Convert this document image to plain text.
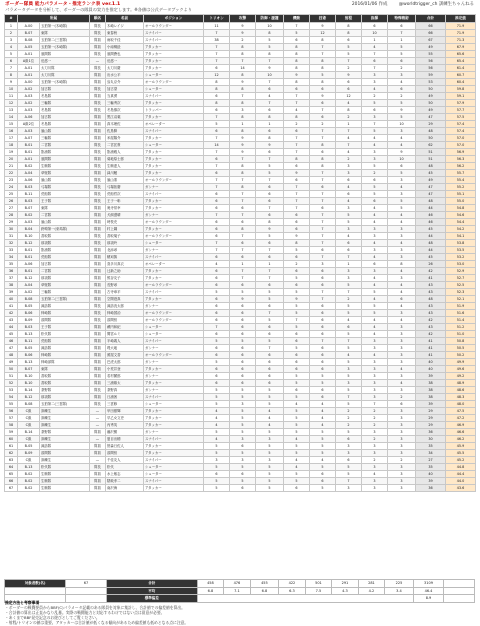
ボーダー隊員 能力パラメータ・推定ランク表 ver.1.1
パラメータデータを分析して、ボーダーの隊員の実力を推定します。※各値は公式データブックより
2016/01/06 作成	@worldtrigger_ch 訓練生ちゃんねる
#	所属		順名	名前	ポジション	トリオン	攻撃	防御・援護	機動	技術	射程	指揮	特殊戦術	合計	推定値
1	A-00	玉狛第一(木崎隊)	隊長	木崎レイジ	オールラウンダー	11	9	10	7	9	8	6	6	66	71.9
2	B-07	東隊	隊長	東春秋	スナイパー	7	9	8	5	12	8	10	7	66	71.9
3	B-08	玉狛第二(三雲隊)	隊員	雨取千佳	スナイパー	38	2	5	6	8	6	1	1	67	71.3
4	A-05	玉狛第一(木崎隊)	隊員	小南桐絵	アタッカー	7	8	5	8	7	5	4	5	49	67.9
5	A-01	風間隊	隊長	風間蒼也	アタッカー	7	8	8	8	7	5	7	5	55	65.6
6	A級1位	迅悠一	—	迅悠一	アタッカー	7	7	7	8	8	7	6	6	56	65.4
7	A-01	太刀川隊	隊長	太刀川慶	アタッカー	6	14	9	8	8	2	7	2	56	61.4
8	A-01	太刀川隊	隊員	出水公平	シューター	12	8	10	9	5	9	3	3	59	60.7
9	A-00	玉狛第一(木崎隊)	隊員	烏丸京介	オールラウンダー	8	9	7	8	8	6	3	4	53	60.4
10	A-02	加古隊	隊長	加古望	シューター	8	8	6	6	6	6	4	6	50	59.8
11	A-03	冬島隊	隊員	当真勇	スナイパー	6	7	4	7	9	12	2	2	49	59.1
12	A-02	三輪隊	隊長	三輪秀次	アタッカー	8	8	7	7	6	4	5	5	50	57.9
13	A-03	冬島隊	隊長	冬島慎次	トラッパー	6	3	6	4	7	8	6	9	49	57.7
14	A-06	加古隊	隊員	黒江双葉	アタッカー	7	8	8	8	6	2	3	5	47	57.5
15	A級2位	冬島隊	隊員	真木理佐	オペレーター	5	1	1	2	2	1	7	10	29	57.4
16	A-03	嵐山隊	隊員	佐鳥賢	スナイパー	6	8	6	6	7	7	5	3	48	57.4
17	A-07	三輪隊	隊員	米屋陽介	アタッカー	7	9	8	7	7	4	4	4	50	57.0
18	B-01	二宮隊	隊長	二宮匡貴	シューター	14	9	9	7	8	7	4	4	62	57.0
19	B-01	影浦隊	隊長	影浦雅人	アタッカー	7	9	6	7	6	4	3	9	51	56.9
20	A-01	風間隊	隊員	菊地原士郎	アタッカー	6	7	7	8	8	2	3	10	51	56.3
21	B-02	生駒隊	隊長	生駒達人	アタッカー	7	8	5	6	8	3	5	6	48	56.2
22	A-04	草壁隊	隊員	緑川駿	アタッカー	6	8	5	9	7	3	2	5	45	55.7
23	A-06	嵐山隊	隊長	嵐山准	オールラウンダー	7	7	7	6	7	6	6	3	49	55.4
24	B-03	弓場隊	隊長	弓場拓磨	ガンナー	7	8	6	7	6	4	5	4	47	55.2
25	B-11	荒船隊	隊長	荒船哲次	スナイパー	6	7	6	7	7	6	5	3	47	55.1
26	B-03	王子隊	隊長	王子一彰	アタッカー	6	7	6	7	7	4	6	5	48	55.0
27	B-07	東隊	隊員	奥寺常幸	アタッカー	6	6	7	7	6	3	4	5	44	54.8
28	B-02	二宮隊	隊員	犬飼澄晴	ガンナー	7	7	6	6	7	5	4	4	46	54.6
29	A-03	嵐山隊	隊員	時枝充	オールラウンダー	6	6	8	6	7	5	4	4	46	54.4
30	B-04	鈴鳴第一(来馬隊)	隊員	村上鋼	アタッカー	6	8	9	6	7	3	3	3	45	54.2
31	B-10	香取隊	隊長	香取葉子	オールラウンダー	6	7	5	9	7	4	3	3	44	54.1
32	B-12	那須隊	隊長	那須玲	シューター	7	6	6	8	7	6	4	4	48	53.8
33	B-01	影浦隊	隊員	北添尋	ガンナー	7	7	7	5	6	6	3	3	44	53.5
34	B-01	荒船隊	隊員	穂刈篤	スナイパー	6	6	6	6	7	7	4	3	45	53.2
35	A-06	加古隊	隊員	喜多川真衣	オペレーター	4	1	1	2	3	1	6	8	26	53.0
36	B-01	二宮隊	隊員	辻新之助	アタッカー	6	7	7	6	6	3	3	4	42	52.9
37	B-12	那須隊	隊員	熊谷友子	アタッカー	6	7	7	5	6	3	4	3	41	52.7
38	A-04	草壁隊	隊員	長野尋	オールラウンダー	6	6	6	6	6	5	4	4	43	52.5
39	A-02	三輪隊	隊員	古寺章平	スナイパー	5	5	5	5	7	7	5	4	43	52.3
40	B-08	玉狛第二(三雲隊)	隊員	空閑遊真	アタッカー	6	9	5	9	7	2	4	6	48	52.1
41	B-05	諏訪隊	隊長	諏訪洸太郎	ガンナー	6	6	6	5	6	5	5	4	43	51.9
42	B-06	柿崎隊	隊長	柿崎国治	オールラウンダー	6	6	7	5	6	5	5	3	43	51.6
43	B-09	漆間隊	隊長	漆間恒	オールラウンダー	6	6	5	7	6	4	4	4	42	51.4
44	B-03	王子隊	隊員	蔵内和紀	シューター	7	6	6	5	6	6	4	3	43	51.2
45	B-13	松代隊	隊員	間宮ルミ	シューター	6	6	6	6	6	5	4	3	42	51.0
46	B-11	荒船隊	隊員	半崎義人	スナイパー	5	5	5	6	7	7	3	3	41	50.8
47	B-05	諏訪隊	隊員	堤大地	ガンナー	6	6	7	5	6	5	3	3	41	50.5
48	B-06	柿崎隊	隊員	照屋文香	オールラウンダー	6	6	6	6	6	4	4	3	41	50.2
49	B-13	柿崎部隊	隊員	巴虎太郎	ガンナー	5	6	6	6	6	5	3	3	40	49.9
50	B-07	東隊	隊員	小荒井登	アタッカー	6	6	6	6	6	3	3	4	40	49.6
51	B-10	香取隊	隊員	若村麓郎	ガンナー	6	6	6	5	5	5	3	3	39	49.2
52	B-10	香取隊	隊員	三浦雄太	アタッカー	6	6	6	5	5	3	3	4	38	48.9
53	B-14	茶野隊	隊長	茶野真	ガンナー	5	5	5	6	6	5	3	3	38	48.6
54	B-12	那須隊	隊員	日浦茜	スナイパー	5	5	5	5	6	7	3	2	38	48.3
55	B-08	玉狛第二(三雲隊)	隊長	三雲修	シューター	5	3	5	4	4	5	7	6	39	48.0
56	C級	訓練生	—	甲田照輝	アタッカー	4	5	4	5	4	2	2	3	29	47.5
57	C級	訓練生	—	早乙女文史	アタッカー	4	5	4	5	4	2	2	3	29	47.2
58	C級	訓練生	—	丙秀英	アタッカー	4	5	4	5	4	2	2	3	29	46.9
59	B-14	茶野隊	隊員	藤沢樹	ガンナー	5	5	5	5	5	5	3	3	36	46.6
60	C級	訓練生	—	夏目出穂	スナイパー	4	3	3	4	5	6	2	3	30	46.2
61	B-05	諏訪隊	隊員	笹森日佐人	アタッカー	5	6	5	5	5	3	3	3	35	45.9
62	B-09	漆間隊	隊員	漆間恒	アタッカー	5	5	5	5	5	3	3	3	34	45.5
63	C級	訓練生	—	千佳友人	スナイパー	3	3	3	4	4	6	2	2	27	45.2
64	B-13	松代隊	隊長	松代	シューター	5	5	5	4	5	5	3	3	35	44.8
65	B-02	生駒隊	隊員	水上敏志	シューター	6	6	5	5	6	5	4	3	40	44.4
66	B-02	生駒隊	隊員	隠岐孝二	スナイパー	5	5	5	5	6	7	3	3	39	44.0
67	B-02	生駒隊	隊員	南沢海	アタッカー	5	6	5	6	5	3	3	3	36	43.6
対象者数(名)	67	合計	458	476	455	422	501	291	281	225	3109	
		平均	6.8	7.1	6.8	6.3	7.5	4.3	4.2	3.4	46.4	
		標準偏差									8.9	
推定方法と考察事項
・ボーダーの戦闘要員からBBF(C)パラメータ記載のある隊員を対象に集計し、合計値での偏差値を算出。
・合計値の算出は正直かなり乱暴。実際の戦闘能力と対応するわけではない点は留意が必要。
・あくまでBBF発売記念のお遊びとしてご覧ください。
・射程/トリオンの値は重要。アタッカーは合計値が低くなる傾向があるため偏差値も低めとなる点に注意。
